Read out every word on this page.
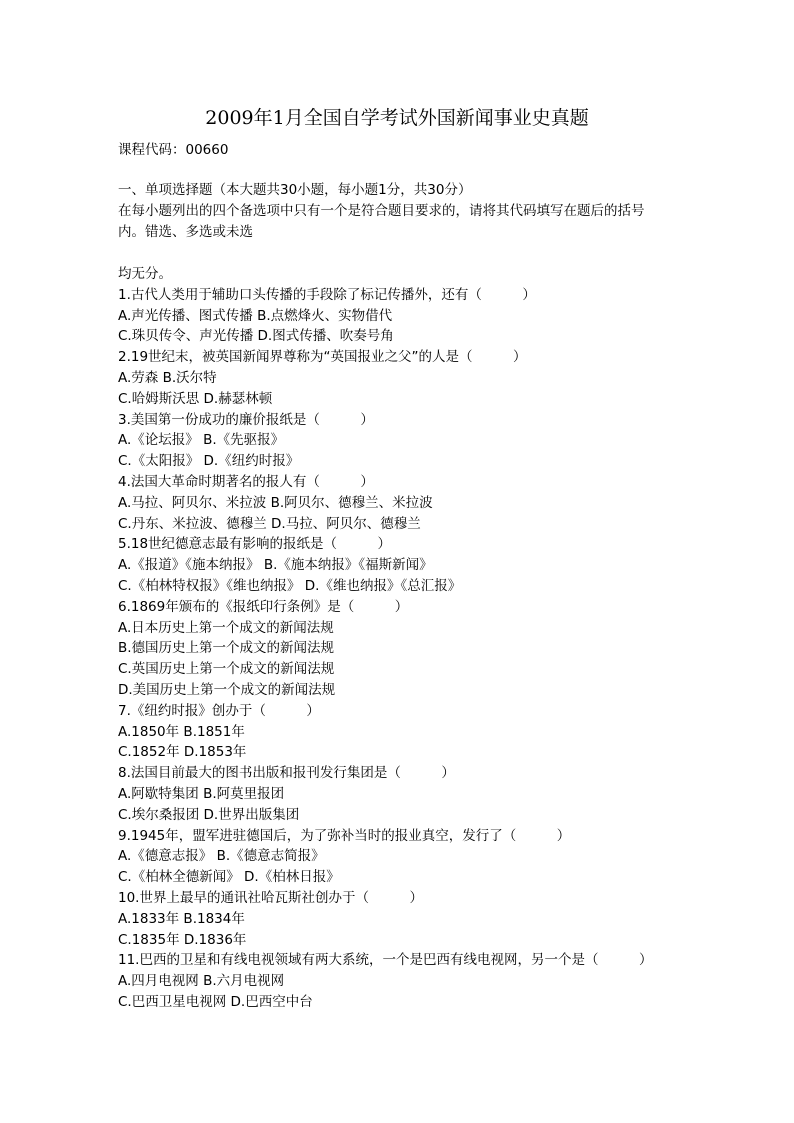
2009年1月全国自学考试外国新闻事业史真题
课程代码：00660
一、单项选择题（本大题共30小题，每小题1分，共30分）
在每小题列出的四个备选项中只有一个是符合题目要求的，请将其代码填写在题后的括号
内。错选、多选或未选
均无分。
1.古代人类用于辅助口头传播的手段除了标记传播外，还有（　　　）
A.声光传播、图式传播 B.点燃烽火、实物借代
C.珠贝传令、声光传播 D.图式传播、吹奏号角
2.19世纪末，被英国新闻界尊称为“英国报业之父”的人是（　　　）
A.劳森 B.沃尔特
C.哈姆斯沃思 D.赫瑟林顿
3.美国第一份成功的廉价报纸是（　　　）
A.《论坛报》 B.《先驱报》
C.《太阳报》 D.《纽约时报》
4.法国大革命时期著名的报人有（　　　）
A.马拉、阿贝尔、米拉波 B.阿贝尔、德穆兰、米拉波
C.丹东、米拉波、德穆兰 D.马拉、阿贝尔、德穆兰
5.18世纪德意志最有影响的报纸是（　　　）
A.《报道》《施本纳报》 B.《施本纳报》《福斯新闻》
C.《柏林特权报》《维也纳报》 D.《维也纳报》《总汇报》
6.1869年颁布的《报纸印行条例》是（　　　）
A.日本历史上第一个成文的新闻法规
B.德国历史上第一个成文的新闻法规
C.英国历史上第一个成文的新闻法规
D.美国历史上第一个成文的新闻法规
7.《纽约时报》创办于（　　　）
A.1850年 B.1851年
C.1852年 D.1853年
8.法国目前最大的图书出版和报刊发行集团是（　　　）
A.阿歇特集团 B.阿莫里报团
C.埃尔桑报团 D.世界出版集团
9.1945年，盟军进驻德国后，为了弥补当时的报业真空，发行了（　　　）
A.《德意志报》 B.《德意志简报》
C.《柏林全德新闻》 D.《柏林日报》
10.世界上最早的通讯社哈瓦斯社创办于（　　　）
A.1833年 B.1834年
C.1835年 D.1836年
11.巴西的卫星和有线电视领域有两大系统，一个是巴西有线电视网，另一个是（　　　）
A.四月电视网 B.六月电视网
C.巴西卫星电视网 D.巴西空中台
